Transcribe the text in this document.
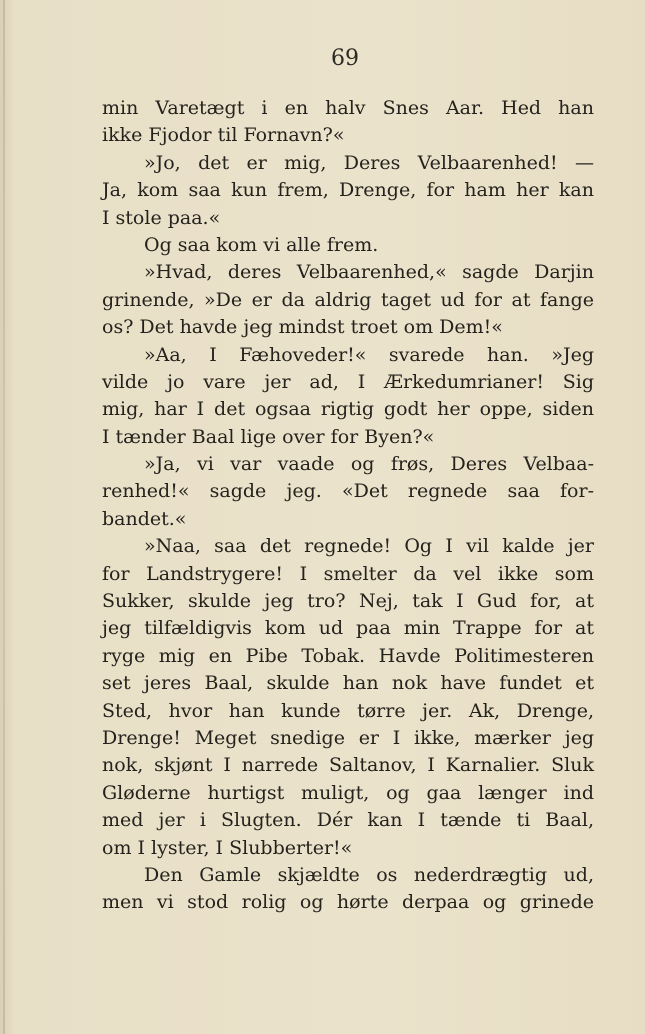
69
min Varetægt i en halv Snes Aar. Hed han
ikke Fjodor til Fornavn?«
»Jo, det er mig, Deres Velbaarenhed! —
Ja, kom saa kun frem, Drenge, for ham her kan
I stole paa.«
Og saa kom vi alle frem.
»Hvad, deres Velbaarenhed,« sagde Darjin
grinende, »De er da aldrig taget ud for at fange
os? Det havde jeg mindst troet om Dem!«
»Aa, I Fæhoveder!« svarede han. »Jeg
vilde jo vare jer ad, I Ærkedumrianer! Sig
mig, har I det ogsaa rigtig godt her oppe, siden
I tænder Baal lige over for Byen?«
»Ja, vi var vaade og frøs, Deres Velbaa-
renhed!« sagde jeg. «Det regnede saa for-
bandet.«
»Naa, saa det regnede! Og I vil kalde jer
for Landstrygere! I smelter da vel ikke som
Sukker, skulde jeg tro? Nej, tak I Gud for, at
jeg tilfældigvis kom ud paa min Trappe for at
ryge mig en Pibe Tobak. Havde Politimesteren
set jeres Baal, skulde han nok have fundet et
Sted, hvor han kunde tørre jer. Ak, Drenge,
Drenge! Meget snedige er I ikke, mærker jeg
nok, skjønt I narrede Saltanov, I Karnalier. Sluk
Gløderne hurtigst muligt, og gaa længer ind
med jer i Slugten. Dér kan I tænde ti Baal,
om I lyster, I Slubberter!«
Den Gamle skjældte os nederdrægtig ud,
men vi stod rolig og hørte derpaa og grinede
